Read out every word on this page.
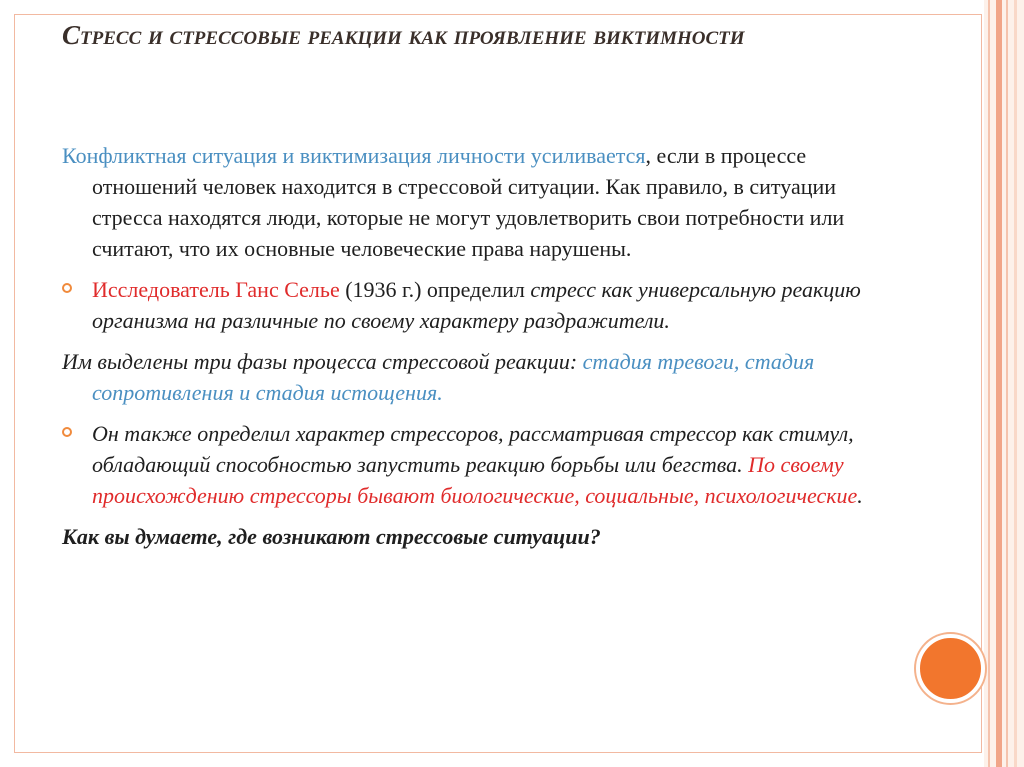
Стресс и стрессовые реакции как проявление виктимности

Конфликтная ситуация и виктимизация личности усиливается, если в процессе отношений человек находится в стрессовой ситуации. Как правило, в ситуации стресса находятся люди, которые не могут удовлетворить свои потребности или считают, что их основные человеческие права нарушены.

Исследователь Ганс Селье (1936 г.) определил стресс как универсальную реакцию организма на различные по своему характеру раздражители.

Им выделены три фазы процесса стрессовой реакции: стадия тревоги, стадия сопротивления и стадия истощения.

Он также определил характер стрессоров, рассматривая стрессор как стимул, обладающий способностью запустить реакцию борьбы или бегства. По своему происхождению стрессоры бывают биологические, социальные, психологические.

Как вы думаете, где возникают стрессовые ситуации?
